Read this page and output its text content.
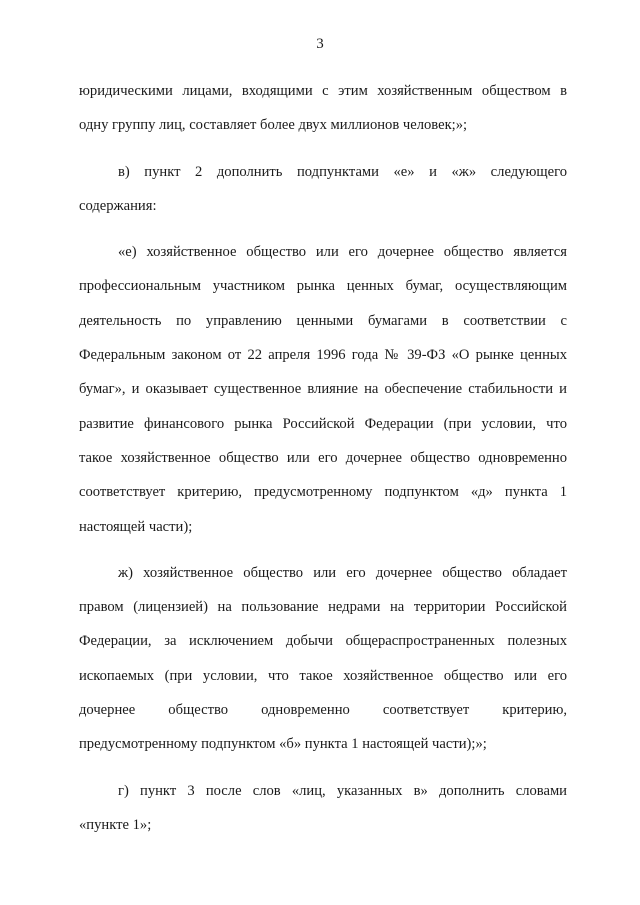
3
юридическими лицами, входящими с этим хозяйственным обществом в
одну группу лиц, составляет более двух миллионов человек;»;
в) пункт 2 дополнить подпунктами «е» и «ж» следующего
содержания:
«е) хозяйственное общество или его дочернее общество является
профессиональным участником рынка ценных бумаг, осуществляющим
деятельность по управлению ценными бумагами в соответствии с
Федеральным законом от 22 апреля 1996 года № 39-ФЗ «О рынке ценных
бумаг», и оказывает существенное влияние на обеспечение стабильности и
развитие финансового рынка Российской Федерации (при условии, что
такое хозяйственное общество или его дочернее общество одновременно
соответствует критерию, предусмотренному подпунктом «д» пункта 1
настоящей части);
ж) хозяйственное общество или его дочернее общество обладает
правом (лицензией) на пользование недрами на территории Российской
Федерации, за исключением добычи общераспространенных полезных
ископаемых (при условии, что такое хозяйственное общество или его
дочернее общество одновременно соответствует критерию,
предусмотренному подпунктом «б» пункта 1 настоящей части);»;
г) пункт 3 после слов «лиц, указанных в» дополнить словами
«пункте 1»;
